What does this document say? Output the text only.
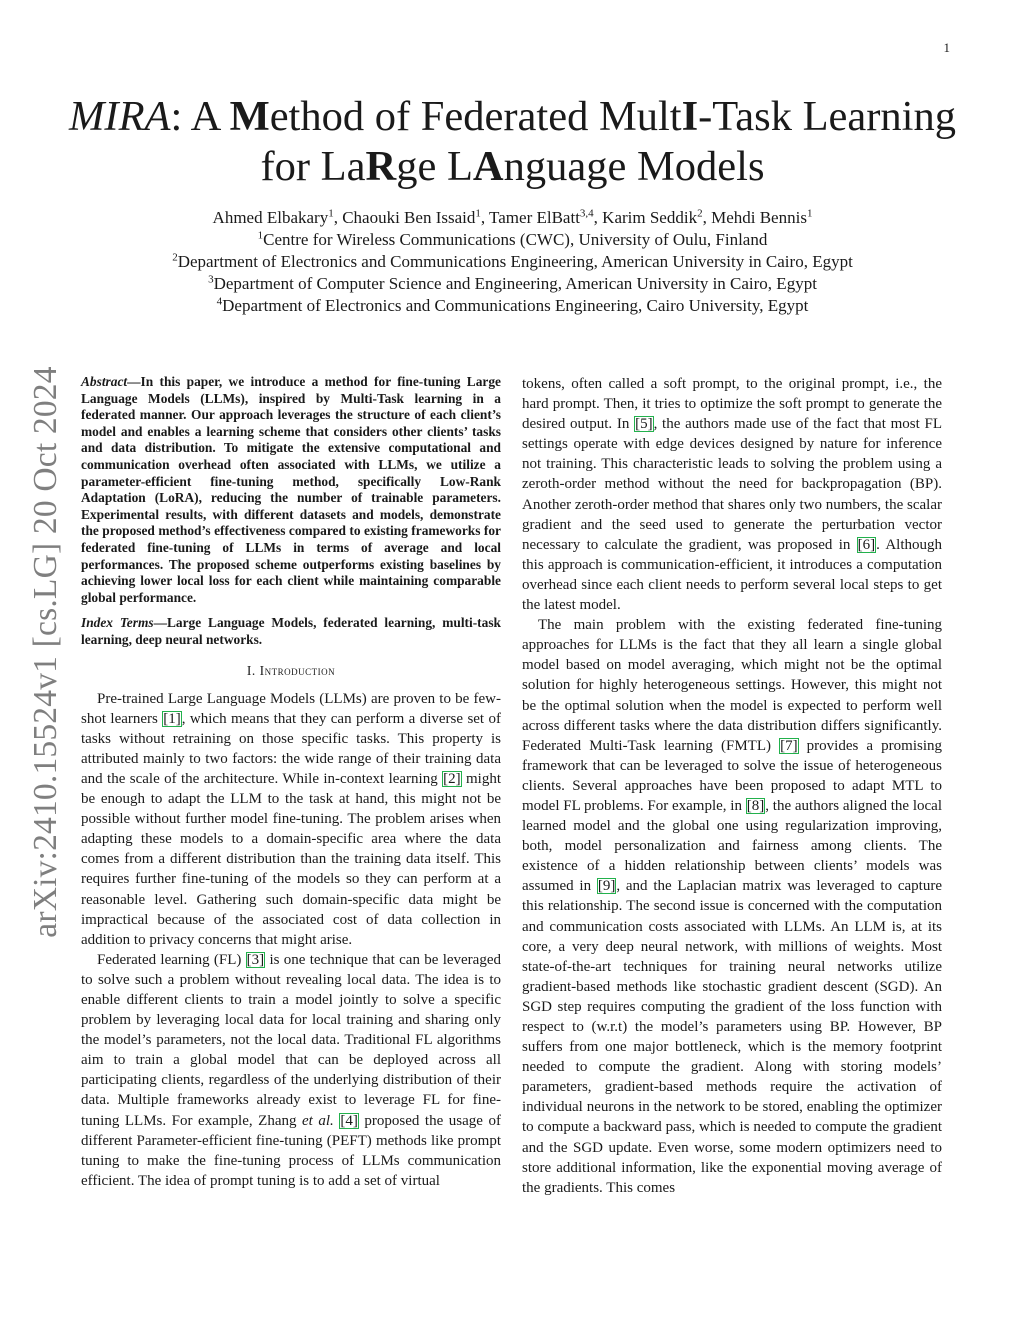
1
arXiv:2410.15524v1 [cs.LG] 20 Oct 2024
MIRA: A Method of Federated MultI-Task Learning
for LaRge LAnguage Models
Ahmed Elbakary$^1$, Chaouki Ben Issaid$^1$, Tamer ElBatt$^{3,4}$, Karim Seddik$^2$, Mehdi Bennis$^1$
$^1$Centre for Wireless Communications (CWC), University of Oulu, Finland
$^2$Department of Electronics and Communications Engineering, American University in Cairo, Egypt
$^3$Department of Computer Science and Engineering, American University in Cairo, Egypt
$^4$Department of Electronics and Communications Engineering, Cairo University, Egypt

Abstract—In this paper, we introduce a method for fine-tuning Large Language Models (LLMs), inspired by Multi-Task learning in a federated manner. Our approach leverages the structure of each client’s model and enables a learning scheme that considers other clients’ tasks and data distribution. To mitigate the extensive computational and communication overhead often associated with LLMs, we utilize a parameter-efficient fine-tuning method, specifically Low-Rank Adaptation (LoRA), reducing the number of trainable parameters. Experimental results, with different datasets and models, demonstrate the proposed method’s effectiveness compared to existing frameworks for federated fine-tuning of LLMs in terms of average and local performances. The proposed scheme outperforms existing baselines by achieving lower local loss for each client while maintaining comparable global performance.

Index Terms—Large Language Models, federated learning, multi-task learning, deep neural networks.

I. Introduction

Pre-trained Large Language Models (LLMs) are proven to be few-shot learners [1], which means that they can perform a diverse set of tasks without retraining on those specific tasks. This property is attributed mainly to two factors: the wide range of their training data and the scale of the architecture. While in-context learning [2] might be enough to adapt the LLM to the task at hand, this might not be possible without further model fine-tuning. The problem arises when adapting these models to a domain-specific area where the data comes from a different distribution than the training data itself. This requires further fine-tuning of the models so they can perform at a reasonable level. Gathering such domain-specific data might be impractical because of the associated cost of data collection in addition to privacy concerns that might arise.

Federated learning (FL) [3] is one technique that can be leveraged to solve such a problem without revealing local data. The idea is to enable different clients to train a model jointly to solve a specific problem by leveraging local data for local training and sharing only the model’s parameters, not the local data. Traditional FL algorithms aim to train a global model that can be deployed across all participating clients, regardless of the underlying distribution of their data. Multiple frameworks already exist to leverage FL for fine-tuning LLMs. For example, Zhang et al. [4] proposed the usage of different Parameter-efficient fine-tuning (PEFT) methods like prompt tuning to make the fine-tuning process of LLMs communication efficient. The idea of prompt tuning is to add a set of virtual

tokens, often called a soft prompt, to the original prompt, i.e., the hard prompt. Then, it tries to optimize the soft prompt to generate the desired output. In [5], the authors made use of the fact that most FL settings operate with edge devices designed by nature for inference not training. This characteristic leads to solving the problem using a zeroth-order method without the need for backpropagation (BP). Another zeroth-order method that shares only two numbers, the scalar gradient and the seed used to generate the perturbation vector necessary to calculate the gradient, was proposed in [6]. Although this approach is communication-efficient, it introduces a computation overhead since each client needs to perform several local steps to get the latest model.

The main problem with the existing federated fine-tuning approaches for LLMs is the fact that they all learn a single global model based on model averaging, which might not be the optimal solution for highly heterogeneous settings. However, this might not be the optimal solution when the model is expected to perform well across different tasks where the data distribution differs significantly. Federated Multi-Task learning (FMTL) [7] provides a promising framework that can be leveraged to solve the issue of heterogeneous clients. Several approaches have been proposed to adapt MTL to model FL problems. For example, in [8], the authors aligned the local learned model and the global one using regularization improving, both, model personalization and fairness among clients. The existence of a hidden relationship between clients’ models was assumed in [9], and the Laplacian matrix was leveraged to capture this relationship. The second issue is concerned with the computation and communication costs associated with LLMs. An LLM is, at its core, a very deep neural network, with millions of weights. Most state-of-the-art techniques for training neural networks utilize gradient-based methods like stochastic gradient descent (SGD). An SGD step requires computing the gradient of the loss function with respect to (w.r.t) the model’s parameters using BP. However, BP suffers from one major bottleneck, which is the memory footprint needed to compute the gradient. Along with storing models’ parameters, gradient-based methods require the activation of individual neurons in the network to be stored, enabling the optimizer to compute a backward pass, which is needed to compute the gradient and the SGD update. Even worse, some modern optimizers need to store additional information, like the exponential moving average of the gradients. This comes
